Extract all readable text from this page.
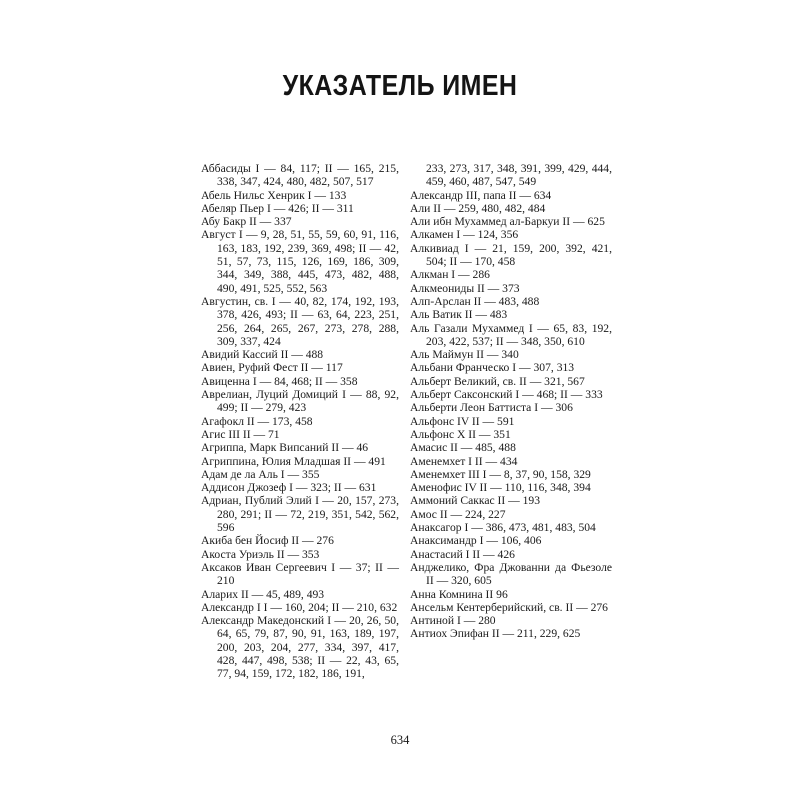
УКАЗАТЕЛЬ ИМЕН

Аббасиды I — 84, 117; II — 165, 215, 338, 347, 424, 480, 482, 507, 517

Абель Нильс Хенрик I — 133

Абеляр Пьер I — 426; II — 311

Абу Бакр II — 337

Август I — 9, 28, 51, 55, 59, 60, 91, 116, 163, 183, 192, 239, 369, 498; II — 42, 51, 57, 73, 115, 126, 169, 186, 309, 344, 349, 388, 445, 473, 482, 488, 490, 491, 525, 552, 563

Августин, св. I — 40, 82, 174, 192, 193, 378, 426, 493; II — 63, 64, 223, 251, 256, 264, 265, 267, 273, 278, 288, 309, 337, 424

Авидий Кассий II — 488

Авиен, Руфий Фест II — 117

Авиценна I — 84, 468; II — 358

Аврелиан, Луций Домиций I — 88, 92, 499; II — 279, 423

Агафокл II — 173, 458

Агис III II — 71

Агриппа, Марк Випсаний II — 46

Агриппина, Юлия Младшая II — 491

Адам де ла Аль I — 355

Аддисон Джозеф I — 323; II — 631

Адриан, Публий Элий I — 20, 157, 273, 280, 291; II — 72, 219, 351, 542, 562, 596

Акиба бен Йосиф II — 276

Акоста Уриэль II — 353

Аксаков Иван Сергеевич I — 37; II — 210

Аларих II — 45, 489, 493

Александр I I — 160, 204; II — 210, 632

Александр Македонский I — 20, 26, 50, 64, 65, 79, 87, 90, 91, 163, 189, 197, 200, 203, 204, 277, 334, 397, 417, 428, 447, 498, 538; II — 22, 43, 65, 77, 94, 159, 172, 182, 186, 191,

233, 273, 317, 348, 391, 399, 429, 444, 459, 460, 487, 547, 549

Александр III, папа II — 634

Али II — 259, 480, 482, 484

Али ибн Мухаммед ал-Баркуи II — 625

Алкамен I — 124, 356

Алкивиад I — 21, 159, 200, 392, 421, 504; II — 170, 458

Алкман I — 286

Алкмеониды II — 373

Алп-Арслан II — 483, 488

Аль Ватик II — 483

Аль Газали Мухаммед I — 65, 83, 192, 203, 422, 537; II — 348, 350, 610

Аль Маймун II — 340

Альбани Франческо I — 307, 313

Альберт Великий, св. II — 321, 567

Альберт Саксонский I — 468; II — 333

Альберти Леон Баттиста I — 306

Альфонс IV II — 591

Альфонс X II — 351

Амасис II — 485, 488

Аменемхет I II — 434

Аменемхет III I — 8, 37, 90, 158, 329

Аменофис IV II — 110, 116, 348, 394

Аммоний Саккас II — 193

Амос II — 224, 227

Анаксагор I — 386, 473, 481, 483, 504

Анаксимандр I — 106, 406

Анастасий I II — 426

Анджелико, Фра Джованни да Фьезоле II — 320, 605

Анна Комнина II 96

Ансельм Кентерберийский, св. II — 276

Антиной I — 280

Антиох Эпифан II — 211, 229, 625

634
